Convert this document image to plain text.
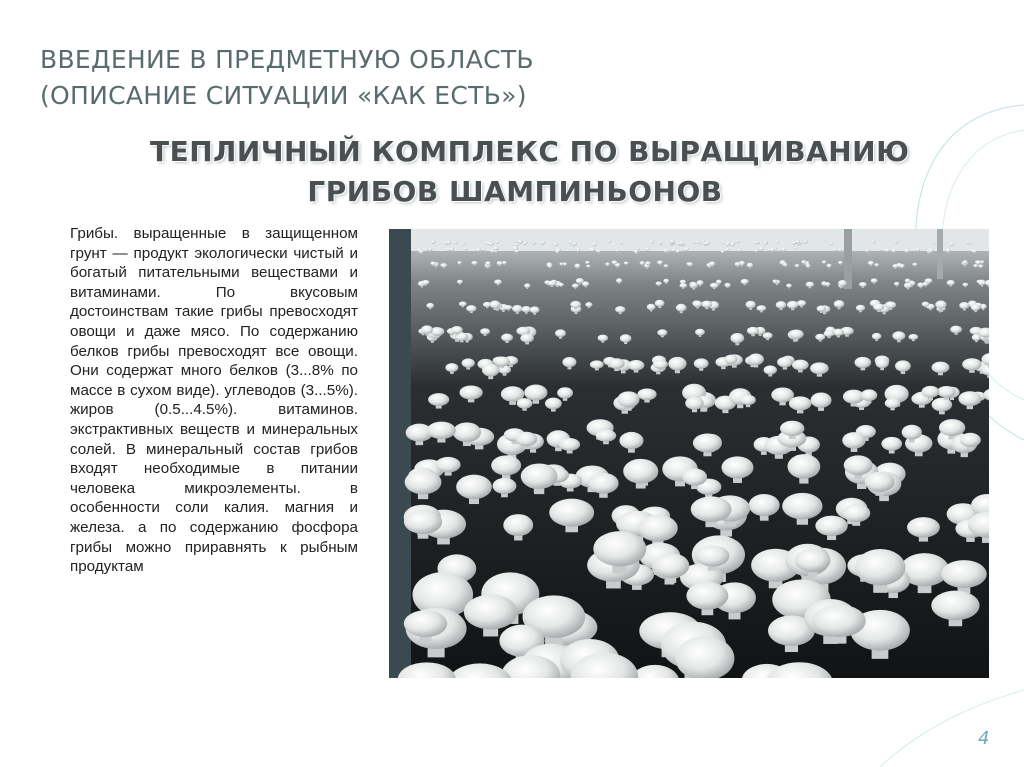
ВВЕДЕНИЕ В ПРЕДМЕТНУЮ ОБЛАСТЬ
(ОПИСАНИЕ СИТУАЦИИ «КАК ЕСТЬ»)
ТЕПЛИЧНЫЙ КОМПЛЕКС ПО ВЫРАЩИВАНИЮ
ГРИБОВ ШАМПИНЬОНОВ
Грибы. выращенные в защищенном грунт — продукт экологически чистый и богатый питательными веществами и витаминами. По вкусовым достоинствам такие грибы превосходят овощи и даже мясо. По содержанию белков грибы превосходят все овощи. Они содержат много белков (3...8% по массе в сухом виде). углеводов (3...5%). жиров (0.5...4.5%). витаминов. экстрактивных веществ и минеральных солей. В минеральный состав грибов входят необходимые в питании человека микроэлементы. в особенности соли калия. магния и железа. а по содержанию фосфора грибы можно приравнять к рыбным продуктам
4
